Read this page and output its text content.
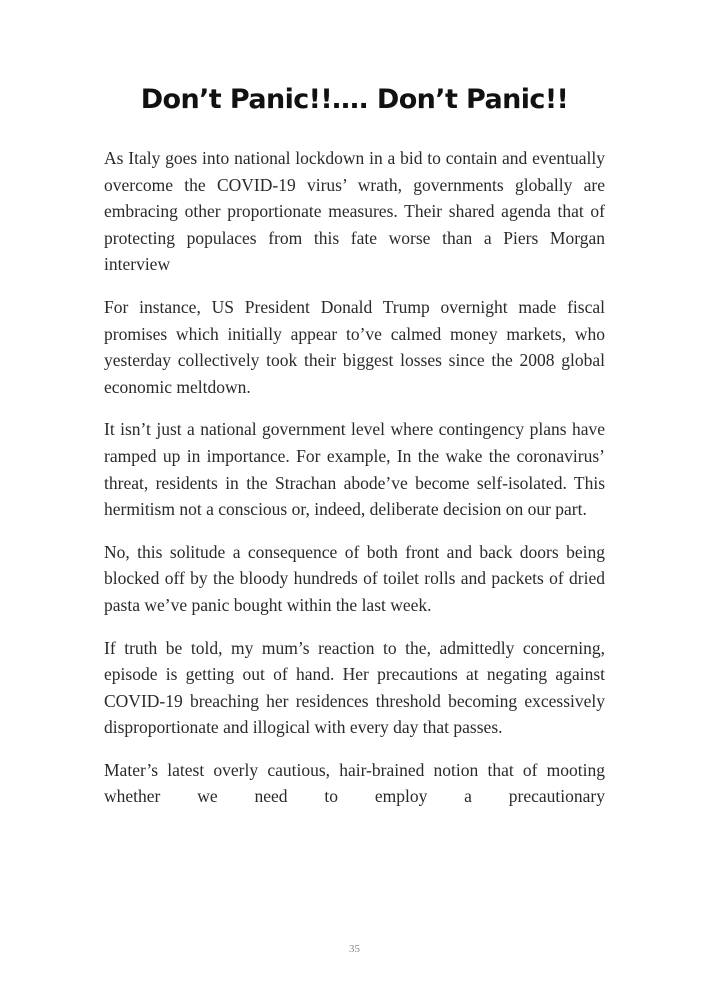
Don’t Panic!!…. Don’t Panic!!

As Italy goes into national lockdown in a bid to contain and eventually overcome the COVID-19 virus’ wrath, governments globally are embracing other proportionate measures. Their shared agenda that of protecting populaces from this fate worse than a Piers Morgan interview

For instance, US President Donald Trump overnight made fiscal promises which initially appear to’ve calmed money markets, who yesterday collectively took their biggest losses since the 2008 global economic meltdown.

It isn’t just a national government level where contingency plans have ramped up in importance. For example, In the wake the coronavirus’ threat, residents in the Strachan abode’ve become self-isolated. This hermitism not a conscious or, indeed, deliberate decision on our part.

No, this solitude a consequence of both front and back doors being blocked off by the bloody hundreds of toilet rolls and packets of dried pasta we’ve panic bought within the last week.

If truth be told, my mum’s reaction to the, admittedly concerning, episode is getting out of hand. Her precautions at negating against COVID-19 breaching her residences threshold becoming excessively disproportionate and illogical with every day that passes.

Mater’s latest overly cautious, hair-brained notion that of mooting whether we need to employ a precautionary

35
